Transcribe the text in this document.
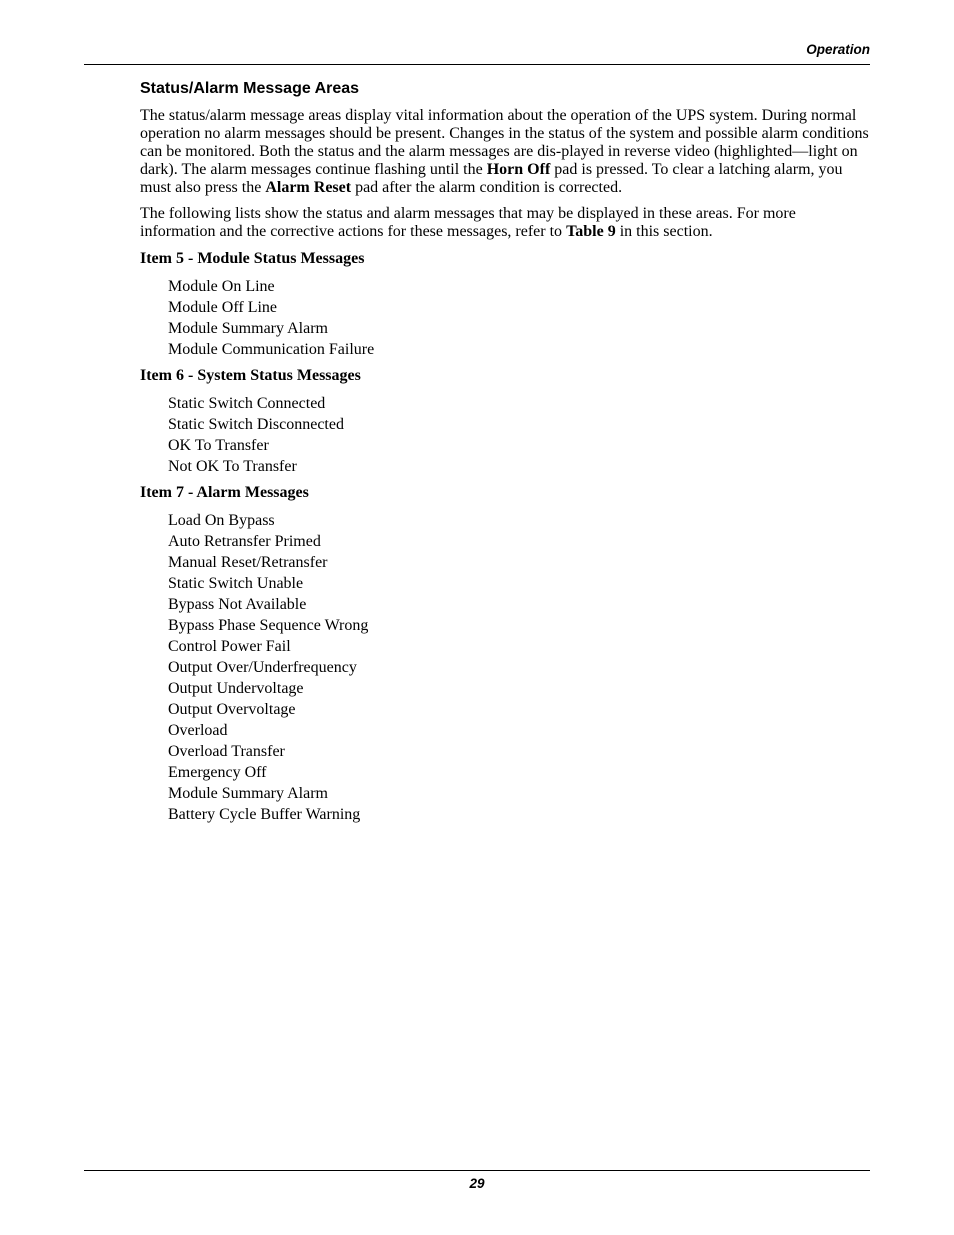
Operation
Status/Alarm Message Areas

The status/alarm message areas display vital information about the operation of the UPS system. During normal operation no alarm messages should be present. Changes in the status of the system and possible alarm conditions can be monitored. Both the status and the alarm messages are dis-played in reverse video (highlighted—light on dark). The alarm messages continue flashing until the Horn Off pad is pressed. To clear a latching alarm, you must also press the Alarm Reset pad after the alarm condition is corrected.

The following lists show the status and alarm messages that may be displayed in these areas. For more information and the corrective actions for these messages, refer to Table 9 in this section.

Item 5 - Module Status Messages
Module On Line
Module Off Line
Module Summary Alarm
Module Communication Failure
Item 6 - System Status Messages
Static Switch Connected
Static Switch Disconnected
OK To Transfer
Not OK To Transfer
Item 7 - Alarm Messages
Load On Bypass
Auto Retransfer Primed
Manual Reset/Retransfer
Static Switch Unable
Bypass Not Available
Bypass Phase Sequence Wrong
Control Power Fail
Output Over/Underfrequency
Output Undervoltage
Output Overvoltage
Overload
Overload Transfer
Emergency Off
Module Summary Alarm
Battery Cycle Buffer Warning
29
